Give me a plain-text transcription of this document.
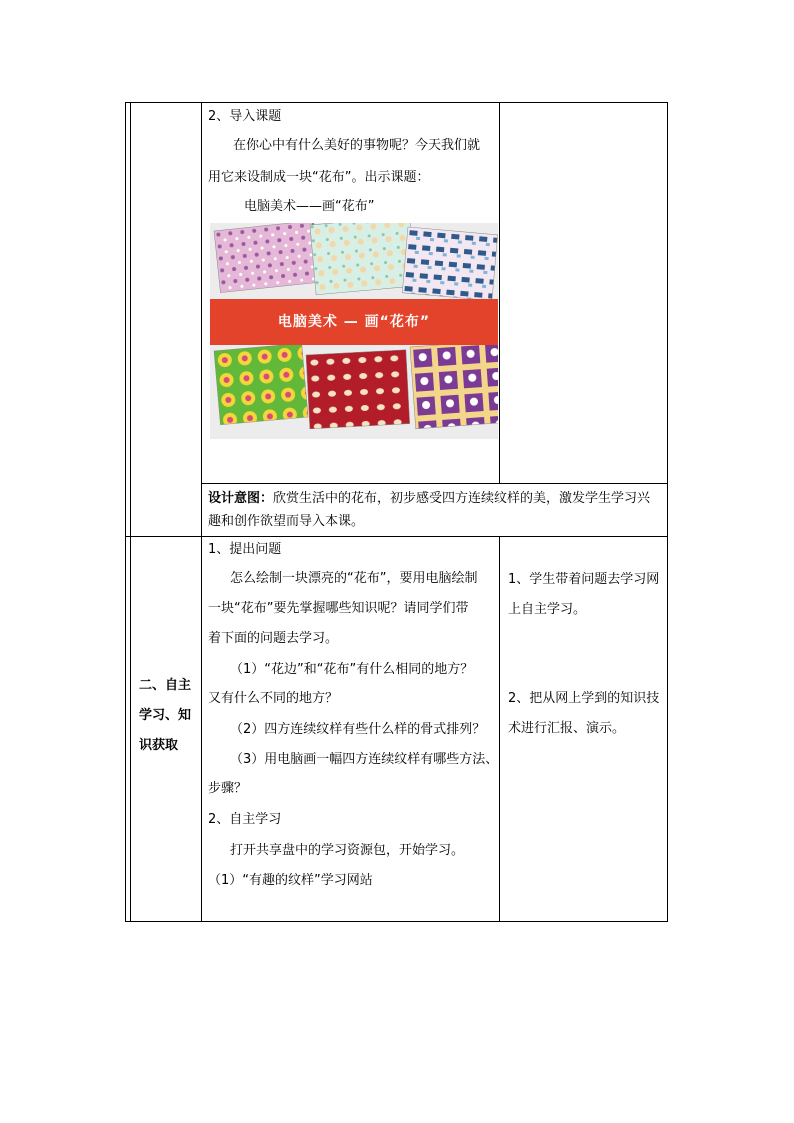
2、导入课题
在你心中有什么美好的事物呢？今天我们就
用它来设制成一块“花布”。出示课题：
电脑美术——画“花布”
电脑美术 — 画“花布”
设计意图：欣赏生活中的花布，初步感受四方连续纹样的美，激发学生学习兴
趣和创作欲望而导入本课。
二、自主
学习、知
识获取
1、提出问题
怎么绘制一块漂亮的“花布”，要用电脑绘制
一块“花布”要先掌握哪些知识呢？请同学们带
着下面的问题去学习。
（1）“花边”和“花布”有什么相同的地方？
又有什么不同的地方？
（2）四方连续纹样有些什么样的骨式排列？
（3）用电脑画一幅四方连续纹样有哪些方法、
步骤？
2、自主学习
打开共享盘中的学习资源包，开始学习。
（1）“有趣的纹样”学习网站
1、学生带着问题去学习网
上自主学习。
2、把从网上学到的知识技
术进行汇报、演示。
